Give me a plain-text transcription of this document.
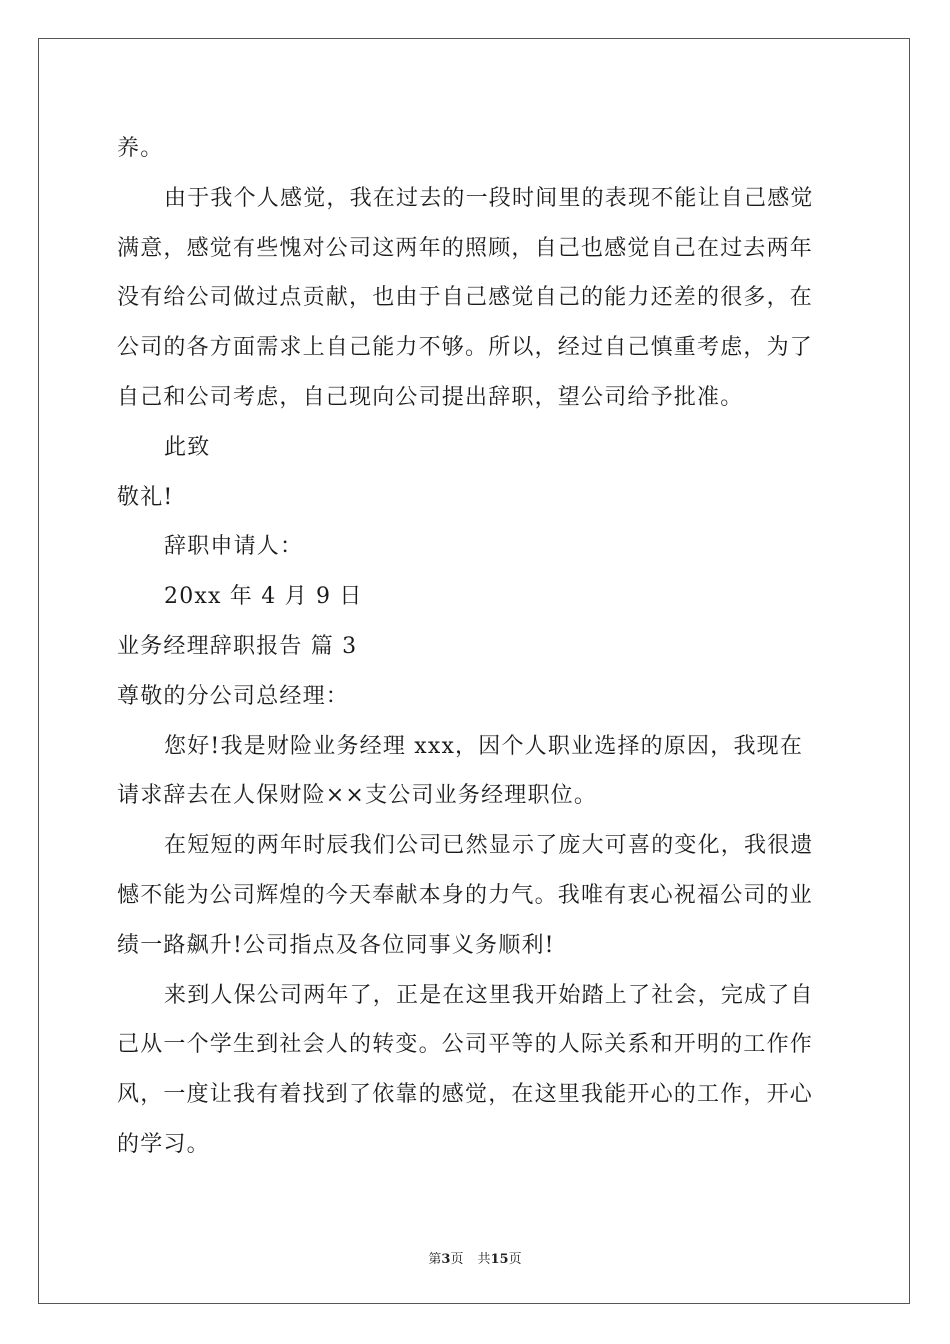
养。
由于我个人感觉，我在过去的一段时间里的表现不能让自己感觉
满意，感觉有些愧对公司这两年的照顾，自己也感觉自己在过去两年
没有给公司做过点贡献，也由于自己感觉自己的能力还差的很多，在
公司的各方面需求上自己能力不够。所以，经过自己慎重考虑，为了
自己和公司考虑，自己现向公司提出辞职，望公司给予批准。
此致
敬礼!
辞职申请人：
20xx 年 4 月 9 日
业务经理辞职报告 篇 3
尊敬的分公司总经理：
您好!我是财险业务经理 xxx，因个人职业选择的原因，我现在
请求辞去在人保财险××支公司业务经理职位。
在短短的两年时辰我们公司已然显示了庞大可喜的变化，我很遗
憾不能为公司辉煌的今天奉献本身的力气。我唯有衷心祝福公司的业
绩一路飙升!公司指点及各位同事义务顺利!
来到人保公司两年了，正是在这里我开始踏上了社会，完成了自
己从一个学生到社会人的转变。公司平等的人际关系和开明的工作作
风，一度让我有着找到了依靠的感觉，在这里我能开心的工作，开心
的学习。
第3页 共15页
